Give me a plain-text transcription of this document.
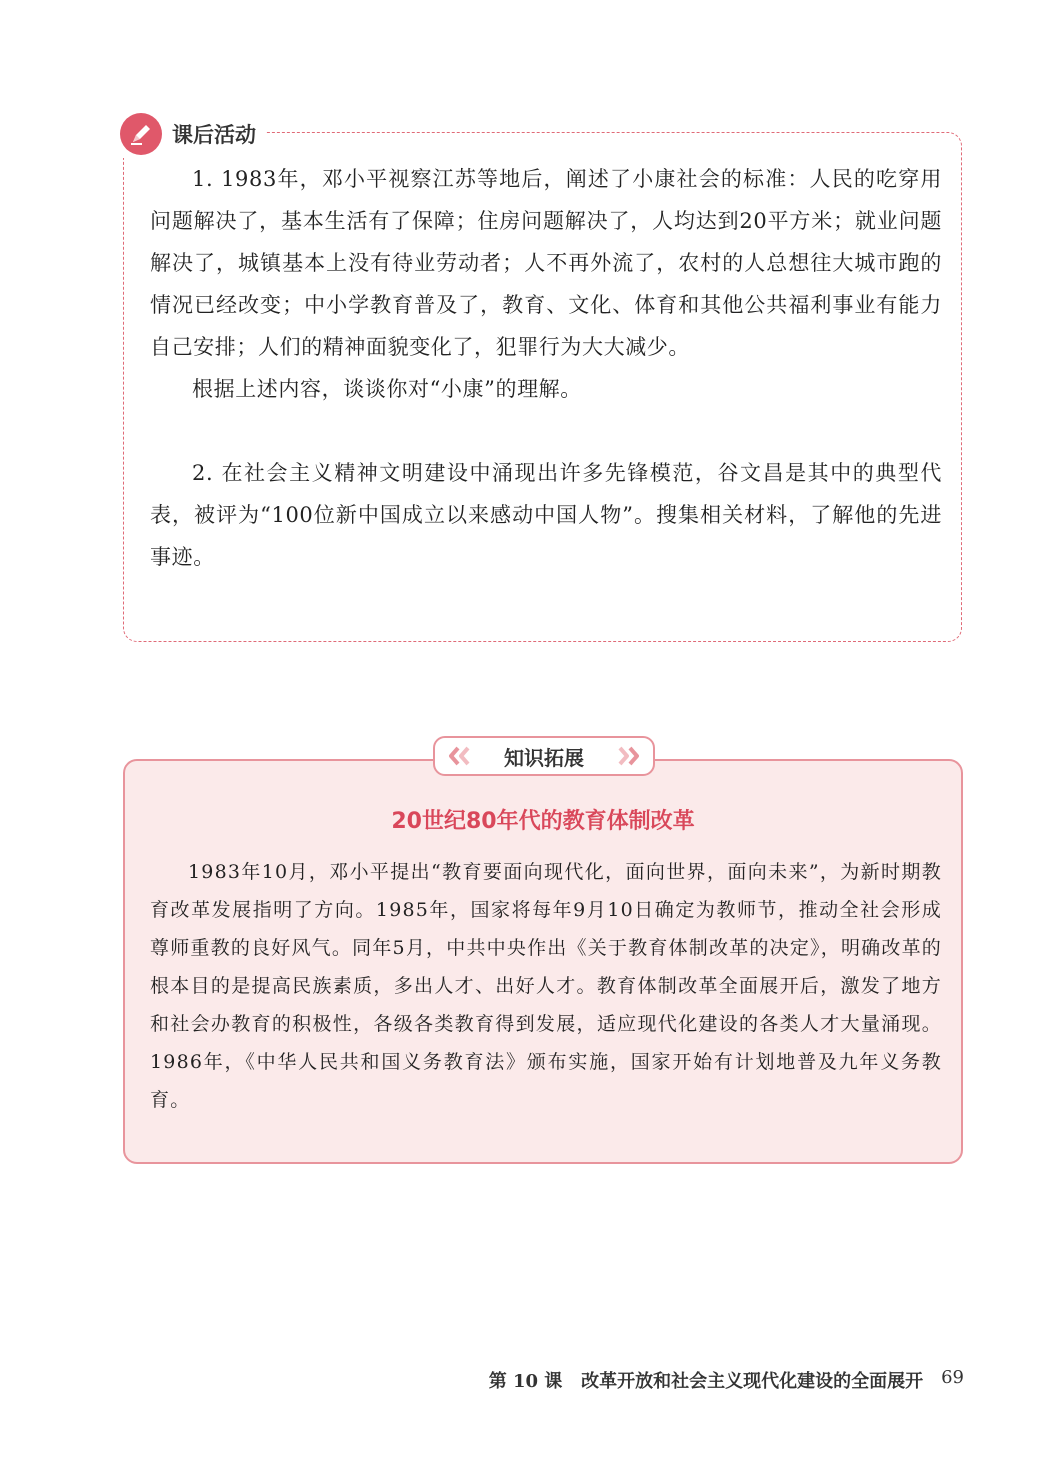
课后活动

1. 1983年，邓小平视察江苏等地后，阐述了小康社会的标准：人民的吃穿用问题解决了，基本生活有了保障；住房问题解决了，人均达到20平方米；就业问题解决了，城镇基本上没有待业劳动者；人不再外流了，农村的人总想往大城市跑的情况已经改变；中小学教育普及了，教育、文化、体育和其他公共福利事业有能力自己安排；人们的精神面貌变化了，犯罪行为大大减少。

根据上述内容，谈谈你对“小康”的理解。

2. 在社会主义精神文明建设中涌现出许多先锋模范，谷文昌是其中的典型代表，被评为“100位新中国成立以来感动中国人物”。搜集相关材料，了解他的先进事迹。

知识拓展
20世纪80年代的教育体制改革

1983年10月，邓小平提出“教育要面向现代化，面向世界，面向未来”，为新时期教育改革发展指明了方向。1985年，国家将每年9月10日确定为教师节，推动全社会形成尊师重教的良好风气。同年5月，中共中央作出《关于教育体制改革的决定》，明确改革的根本目的是提高民族素质，多出人才、出好人才。教育体制改革全面展开后，激发了地方和社会办教育的积极性，各级各类教育得到发展，适应现代化建设的各类人才大量涌现。1986年，《中华人民共和国义务教育法》颁布实施，国家开始有计划地普及九年义务教育。

第 10 课   改革开放和社会主义现代化建设的全面展开 69
